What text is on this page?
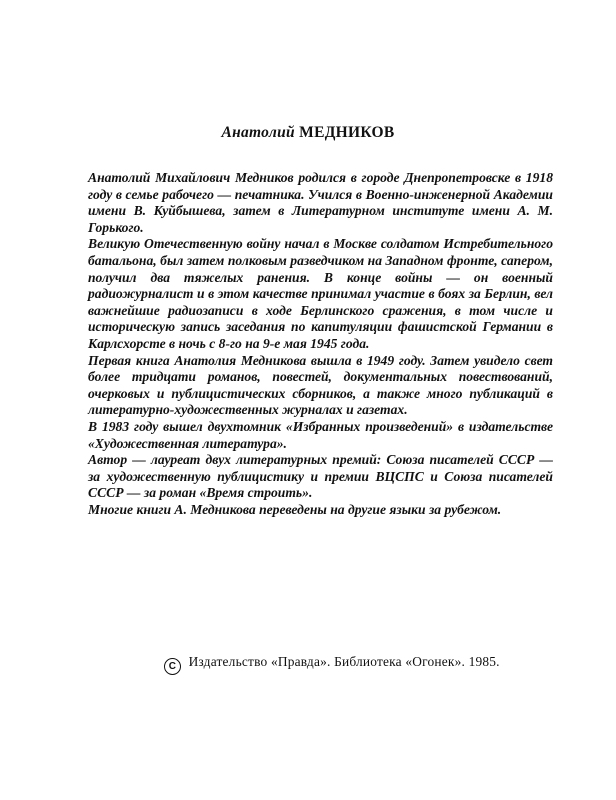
Анатолий МЕДНИКОВ

Анатолий Михайлович Медников родился в городе Днепропетровске в 1918 году в семье рабочего — печатника. Учился в Военно-инженерной Академии имени В. Куйбышева, затем в Литературном институте имени А. М. Горького.

Великую Отечественную войну начал в Москве солдатом Истребительного батальона, был затем полковым разведчиком на Западном фронте, сапером, получил два тяжелых ранения. В конце войны — он военный радиожурналист и в этом качестве принимал участие в боях за Берлин, вел важнейшие радиозаписи в ходе Берлинского сражения, в том числе и историческую запись заседания по капитуляции фашистской Германии в Карлсхорсте в ночь с 8-го на 9-е мая 1945 года.

Первая книга Анатолия Медникова вышла в 1949 году. Затем увидело свет более тридцати романов, повестей, документальных повествований, очерковых и публицистических сборников, а также много публикаций в литературно-художественных журналах и газетах.

В 1983 году вышел двухтомник «Избранных произведений» в издательстве «Художественная литература».

Автор — лауреат двух литературных премий: Союза писателей СССР — за художественную публицистику и премии ВЦСПС и Союза писателей СССР — за роман «Время строить».

Многие книги А. Медникова переведены на другие языки за рубежом.

C Издательство «Правда». Библиотека «Огонек». 1985.
